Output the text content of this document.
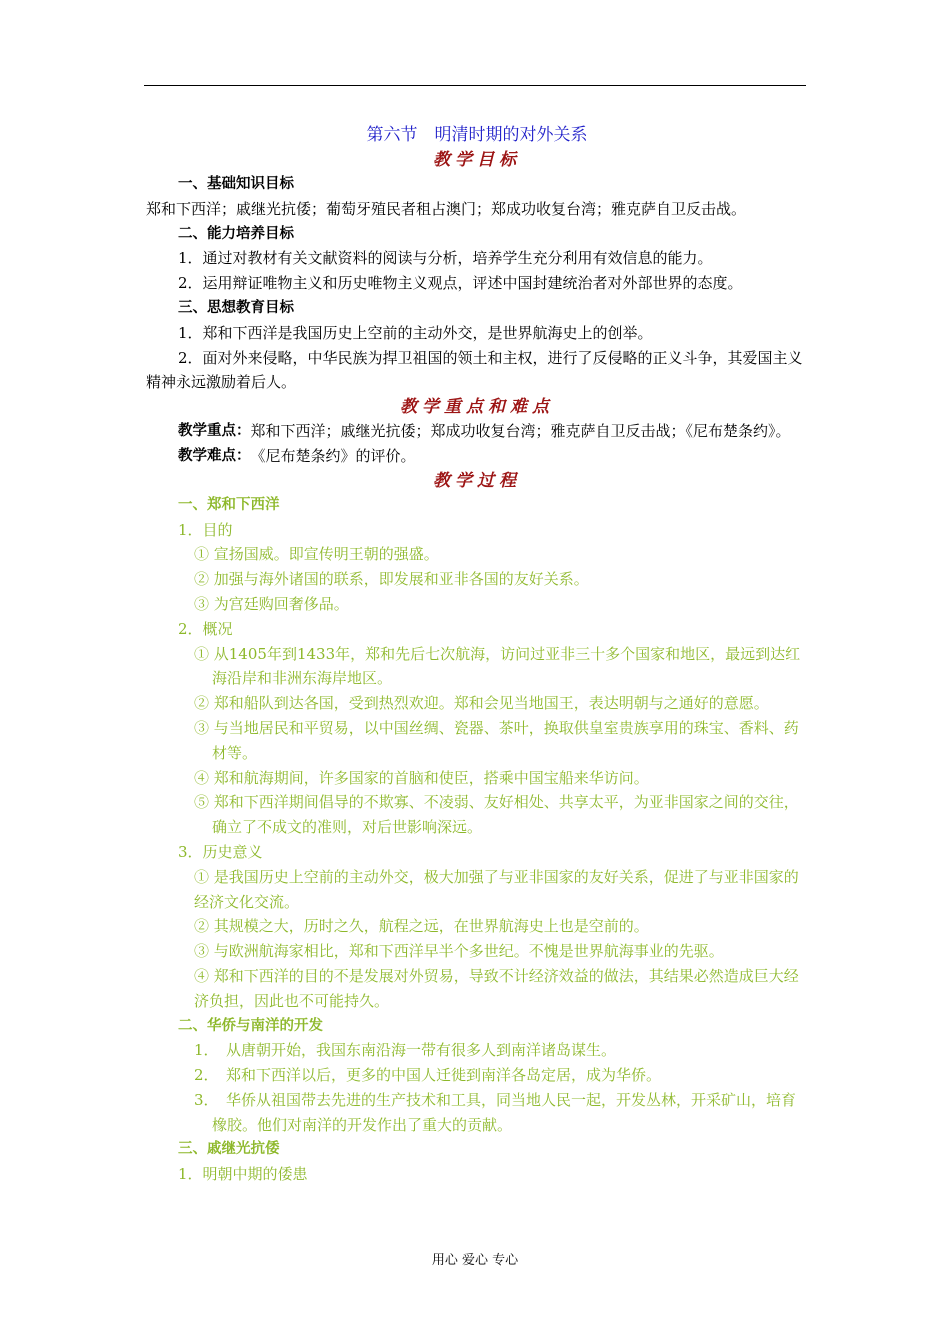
第六节　明清时期的对外关系
教学目标
一、基础知识目标
郑和下西洋；戚继光抗倭；葡萄牙殖民者租占澳门；郑成功收复台湾；雅克萨自卫反击战。
二、能力培养目标
1．通过对教材有关文献资料的阅读与分析，培养学生充分利用有效信息的能力。
2．运用辩证唯物主义和历史唯物主义观点，评述中国封建统治者对外部世界的态度。
三、思想教育目标
1．郑和下西洋是我国历史上空前的主动外交，是世界航海史上的创举。
2．面对外来侵略，中华民族为捍卫祖国的领土和主权，进行了反侵略的正义斗争，其爱国主义精神永远激励着后人。
教学重点和难点
教学重点： 郑和下西洋；戚继光抗倭；郑成功收复台湾；雅克萨自卫反击战；《尼布楚条约》。
教学难点： 《尼布楚条约》的评价。
教学过程
一、郑和下西洋
1．目的
① 宣扬国威。即宣传明王朝的强盛。
② 加强与海外诸国的联系，即发展和亚非各国的友好关系。
③ 为宫廷购回奢侈品。
2．概况
① 从1405年到1433年，郑和先后七次航海，访问过亚非三十多个国家和地区，最远到达红海沿岸和非洲东海岸地区。
② 郑和船队到达各国，受到热烈欢迎。郑和会见当地国王，表达明朝与之通好的意愿。
③ 与当地居民和平贸易，以中国丝绸、瓷器、茶叶，换取供皇室贵族享用的珠宝、香料、药材等。
④ 郑和航海期间，许多国家的首脑和使臣，搭乘中国宝船来华访问。
⑤ 郑和下西洋期间倡导的不欺寡、不凌弱、友好相处、共享太平，为亚非国家之间的交往，确立了不成文的准则，对后世影响深远。
3．历史意义
① 是我国历史上空前的主动外交，极大加强了与亚非国家的友好关系，促进了与亚非国家的经济文化交流。
② 其规模之大，历时之久，航程之远，在世界航海史上也是空前的。
③ 与欧洲航海家相比，郑和下西洋早半个多世纪。不愧是世界航海事业的先驱。
④ 郑和下西洋的目的不是发展对外贸易，导致不计经济效益的做法，其结果必然造成巨大经济负担，因此也不可能持久。
二、华侨与南洋的开发
1．　从唐朝开始，我国东南沿海一带有很多人到南洋诸岛谋生。
2．　郑和下西洋以后，更多的中国人迁徙到南洋各岛定居，成为华侨。
3．　华侨从祖国带去先进的生产技术和工具，同当地人民一起，开发丛林，开采矿山，培育橡胶。他们对南洋的开发作出了重大的贡献。
三、戚继光抗倭
1．明朝中期的倭患
用心 爱心 专心
